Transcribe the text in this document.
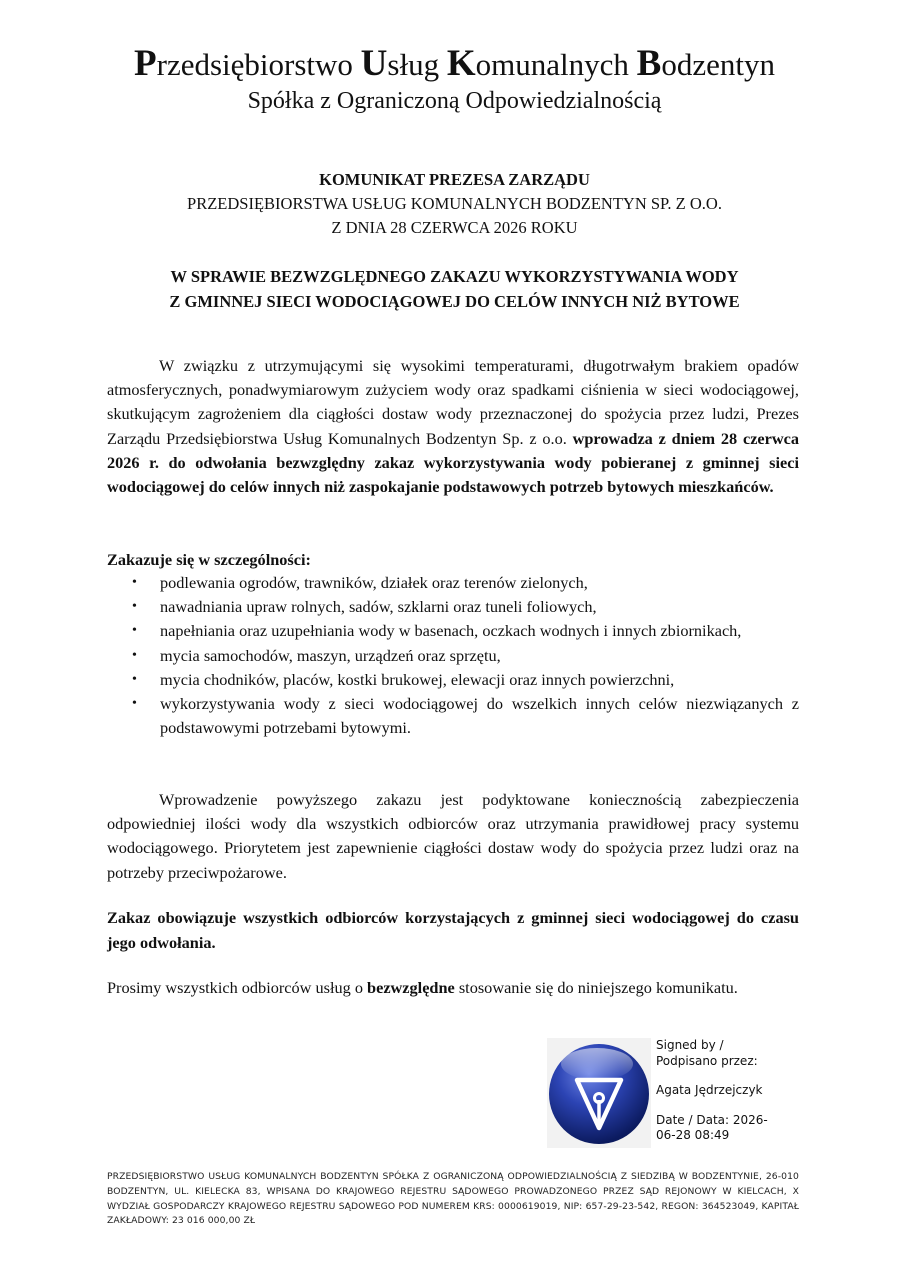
Przedsiębiorstwo Usług Komunalnych Bodzentyn
Spółka z Ograniczoną Odpowiedzialnością
KOMUNIKAT PREZESA ZARZĄDU
PRZEDSIĘBIORSTWA USŁUG KOMUNALNYCH BODZENTYN SP. Z O.O.
Z DNIA 28 CZERWCA 2026 ROKU
W SPRAWIE BEZWZGLĘDNEGO ZAKAZU WYKORZYSTYWANIA WODY
Z GMINNEJ SIECI WODOCIĄGOWEJ DO CELÓW INNYCH NIŻ BYTOWE
W związku z utrzymującymi się wysokimi temperaturami, długotrwałym brakiem opadów atmosferycznych, ponadwymiarowym zużyciem wody oraz spadkami ciśnienia w sieci wodociągowej, skutkującym zagrożeniem dla ciągłości dostaw wody przeznaczonej do spożycia przez ludzi, Prezes Zarządu Przedsiębiorstwa Usług Komunalnych Bodzentyn Sp. z o.o. wprowadza z dniem 28 czerwca 2026 r. do odwołania bezwzględny zakaz wykorzystywania wody pobieranej z gminnej sieci wodociągowej do celów innych niż zaspokajanie podstawowych potrzeb bytowych mieszkańców.
Zakazuje się w szczególności:
• podlewania ogrodów, trawników, działek oraz terenów zielonych,
• nawadniania upraw rolnych, sadów, szklarni oraz tuneli foliowych,
• napełniania oraz uzupełniania wody w basenach, oczkach wodnych i innych zbiornikach,
• mycia samochodów, maszyn, urządzeń oraz sprzętu,
• mycia chodników, placów, kostki brukowej, elewacji oraz innych powierzchni,
• wykorzystywania wody z sieci wodociągowej do wszelkich innych celów niezwiązanych z podstawowymi potrzebami bytowymi.
Wprowadzenie powyższego zakazu jest podyktowane koniecznością zabezpieczenia odpowiedniej ilości wody dla wszystkich odbiorców oraz utrzymania prawidłowej pracy systemu wodociągowego. Priorytetem jest zapewnienie ciągłości dostaw wody do spożycia przez ludzi oraz na potrzeby przeciwpożarowe.
Zakaz obowiązuje wszystkich odbiorców korzystających z gminnej sieci wodociągowej do czasu jego odwołania.
Prosimy wszystkich odbiorców usług o bezwzględne stosowanie się do niniejszego komunikatu.
Signed by /
Podpisano przez:
Agata Jędrzejczyk
Date / Data: 2026-
06-28 08:49
PRZEDSIĘBIORSTWO USŁUG KOMUNALNYCH BODZENTYN SPÓŁKA Z OGRANICZONĄ ODPOWIEDZIALNOŚCIĄ Z SIEDZIBĄ W BODZENTYNIE, 26-010 BODZENTYN, UL. KIELECKA 83, WPISANA DO KRAJOWEGO REJESTRU SĄDOWEGO PROWADZONEGO PRZEZ SĄD REJONOWY W KIELCACH, X WYDZIAŁ GOSPODARCZY KRAJOWEGO REJESTRU SĄDOWEGO POD NUMEREM KRS: 0000619019, NIP: 657-29-23-542, REGON: 364523049, KAPITAŁ ZAKŁADOWY: 23 016 000,00 ZŁ
